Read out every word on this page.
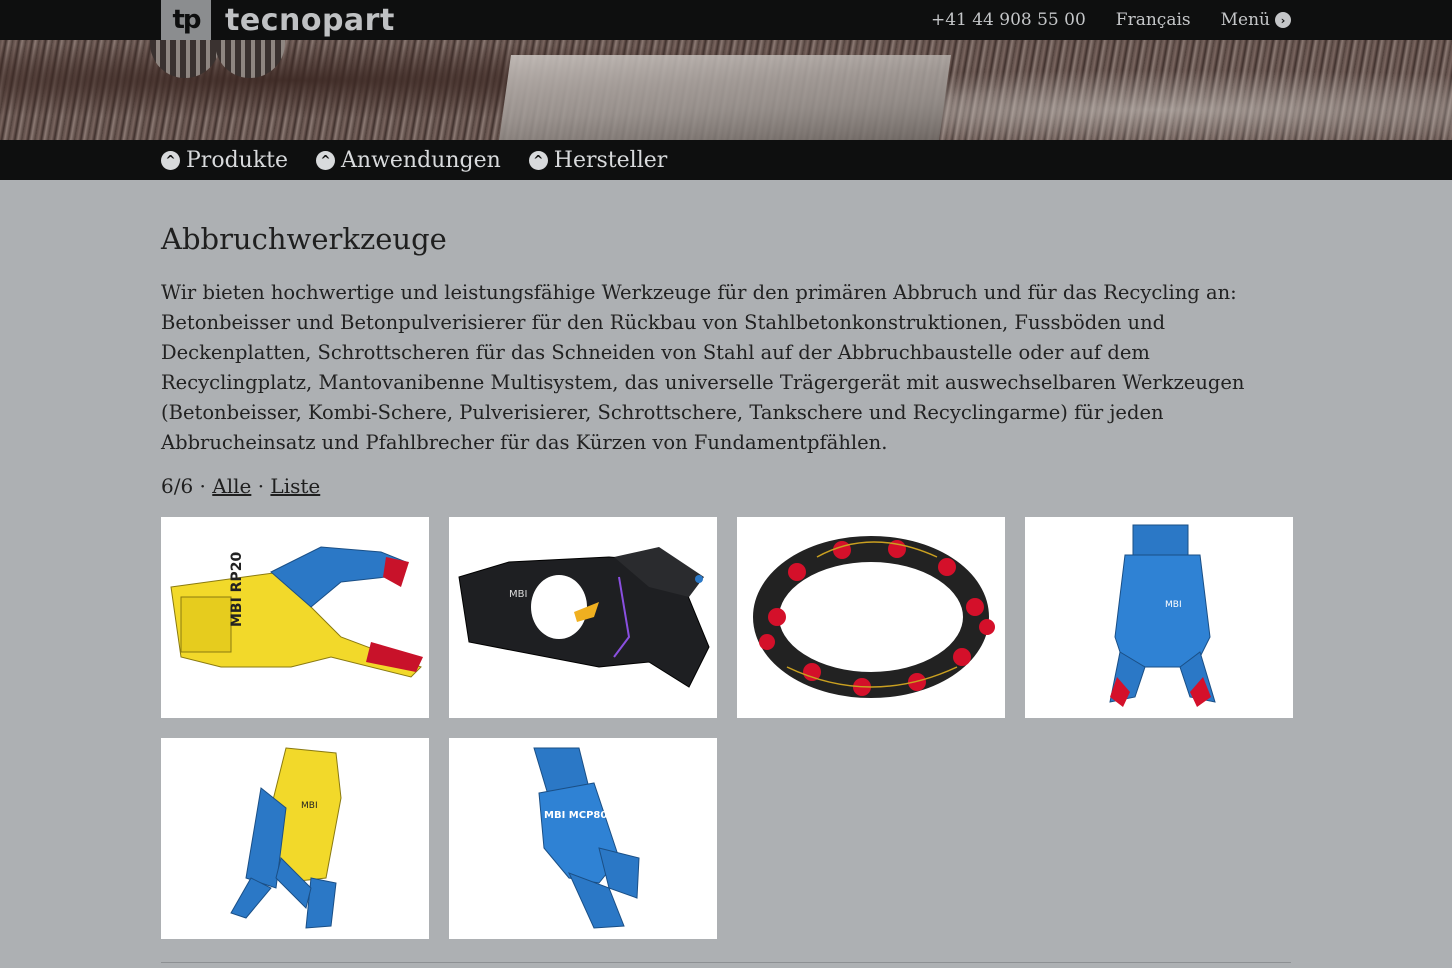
tp tecnopart	+41 44 908 55 00 Français Menü ›
^ Produkte	^ Anwendungen	^ Hersteller
Abbruchwerkzeuge

Wir bieten hochwertige und leistungsfähige Werkzeuge für den primären Abbruch und für das Recycling an: Betonbeisser und Betonpulverisierer für den Rückbau von Stahlbetonkonstruktionen, Fussböden und Deckenplatten, Schrottscheren für das Schneiden von Stahl auf der Abbruchbaustelle oder auf dem Recyclingplatz, Mantovanibenne Multisystem, das universelle Trägergerät mit auswechselbaren Werkzeugen (Betonbeisser, Kombi-Schere, Pulverisierer, Schrottschere, Tankschere und Recyclingarme) für jeden Abbrucheinsatz und Pfahlbrecher für das Kürzen von Fundamentpfählen.

6/6 · Alle · Liste
MBI RP20	MBI
MBI
MBI
MBI MCP800
